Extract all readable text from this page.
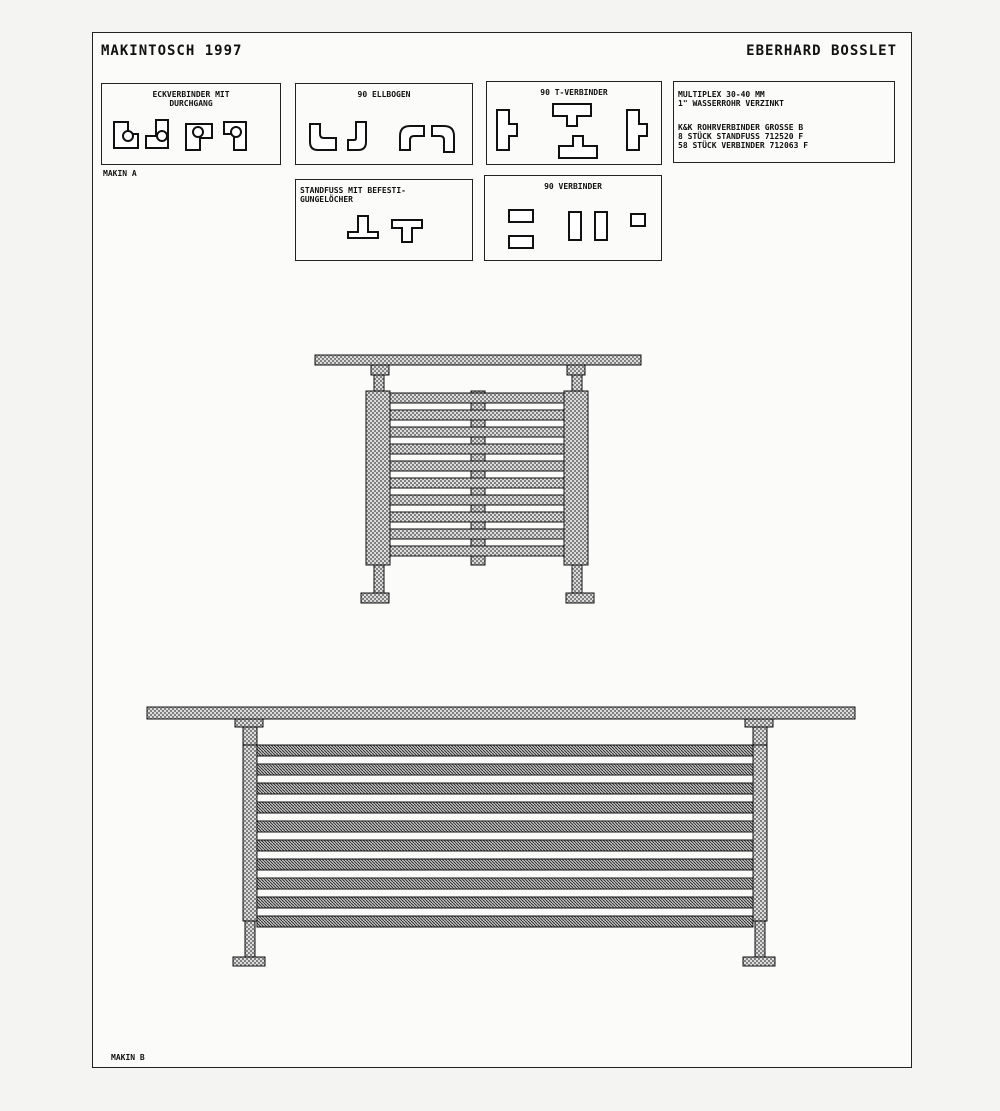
MAKINTOSCH 1997	EBERHARD BOSSLET
ECKVERBINDER MIT
DURCHGANG
MAKIN A
90 ELLBOGEN	90 T-VERBINDER	MULTIPLEX 30-40 MM
1" WASSERROHR VERZINKT
K&K ROHRVERBINDER GROSSE B
8 STÜCK STANDFUSS 712520 F
58 STÜCK VERBINDER 712063 F
STANDFUSS MIT BEFESTI-
GUNGELÖCHER
90 VERBINDER
MAKIN B
